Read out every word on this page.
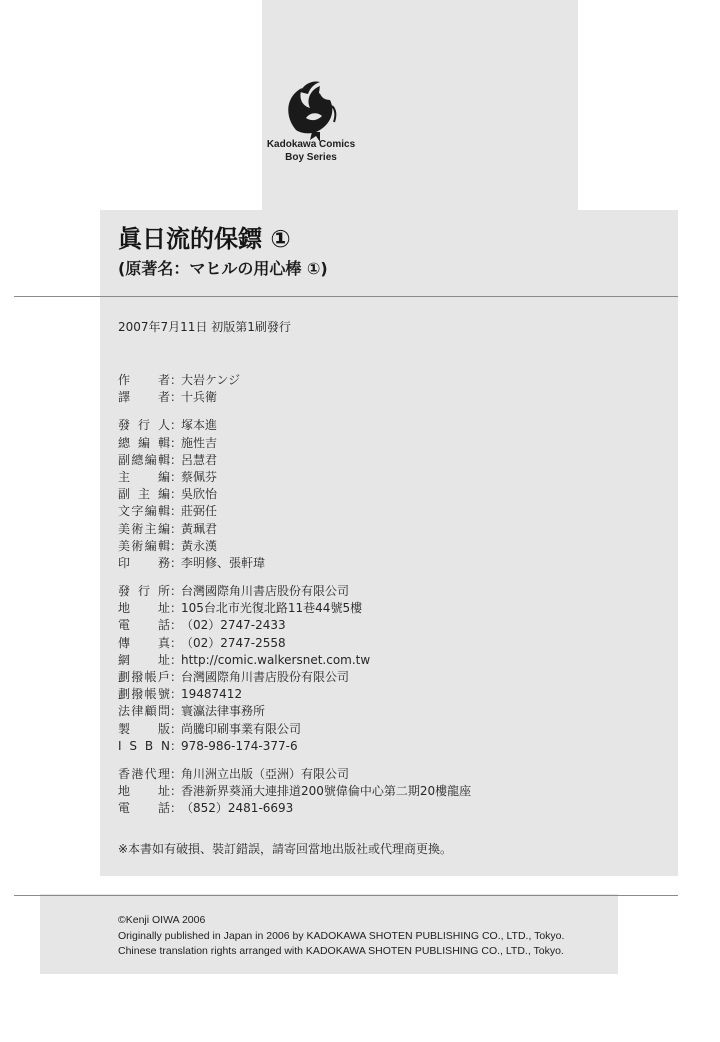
Kadokawa Comics
Boy Series
眞日流的保鏢 ①
(原著名：マヒルの用心棒 ①)
2007年7月11日 初版第1刷發行
作 者 ：
大岩ケンジ
譯 者 ：
十兵衛
發 行 人 ：
塚本進
總 編 輯 ：
施性吉
副 總 編 輯 ：
呂慧君
主 編 ：
蔡佩芬
副 主 編 ：
吳欣怡
文 字 編 輯 ：
莊弼任
美 術 主 編 ：
黃珮君
美 術 編 輯 ：
黃永漢
印 務 ：
李明修、張軒瑋
發 行 所 ：
台灣國際角川書店股份有限公司
地 址 ：
105台北市光復北路11巷44號5樓
電 話 ：
（02）2747-2433
傳 真 ：
（02）2747-2558
網 址 ：
http://comic.walkersnet.com.tw
劃 撥 帳 戶 ：
台灣國際角川書店股份有限公司
劃 撥 帳 號 ：
19487412
法 律 顧 問 ：
寰瀛法律事務所
製 版 ：
尚騰印刷事業有限公司
I S B N ：
978-986-174-377-6
香 港 代 理 ：
角川洲立出版（亞洲）有限公司
地 址 ：
香港新界葵涌大連排道200號偉倫中心第二期20樓龍座
電 話 ：
（852）2481-6693
※本書如有破損、裝訂錯誤，請寄回當地出版社或代理商更換。
©Kenji OIWA 2006
Originally published in Japan in 2006 by KADOKAWA SHOTEN PUBLISHING CO., LTD., Tokyo.
Chinese translation rights arranged with KADOKAWA SHOTEN PUBLISHING CO., LTD., Tokyo.
